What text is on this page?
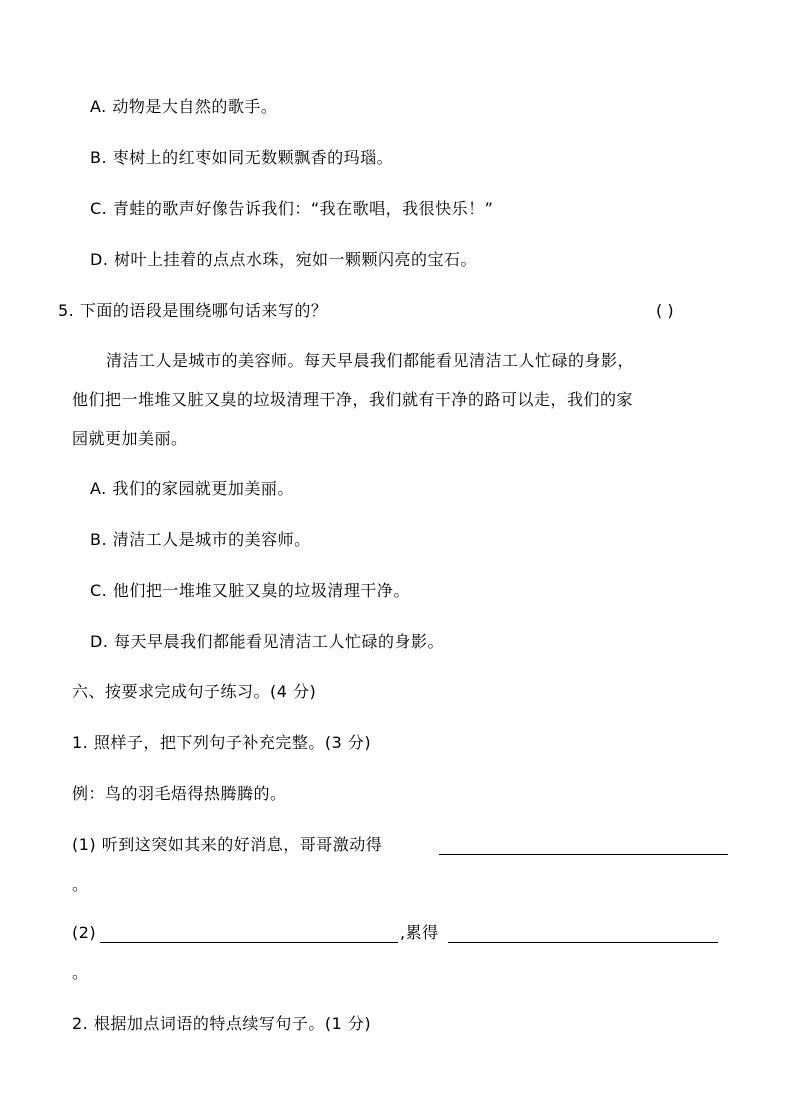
A. 动物是大自然的歌手。
B. 枣树上的红枣如同无数颗飘香的玛瑙。
C. 青蛙的歌声好像告诉我们：“我在歌唱，我很快乐！”
D. 树叶上挂着的点点水珠，宛如一颗颗闪亮的宝石。
5. 下面的语段是围绕哪句话来写的？	( )
清洁工人是城市的美容师。每天早晨我们都能看见清洁工人忙碌的身影，
他们把一堆堆又脏又臭的垃圾清理干净，我们就有干净的路可以走，我们的家
园就更加美丽。
A. 我们的家园就更加美丽。
B. 清洁工人是城市的美容师。
C. 他们把一堆堆又脏又臭的垃圾清理干净。
D. 每天早晨我们都能看见清洁工人忙碌的身影。
六、按要求完成句子练习。(4 分)
1. 照样子，把下列句子补充完整。(3 分)
例：鸟的羽毛焐得热腾腾的。
(1) 听到这突如其来的好消息，哥哥激动得
。
(2)	,累得
。
2. 根据加点词语的特点续写句子。(1 分)
